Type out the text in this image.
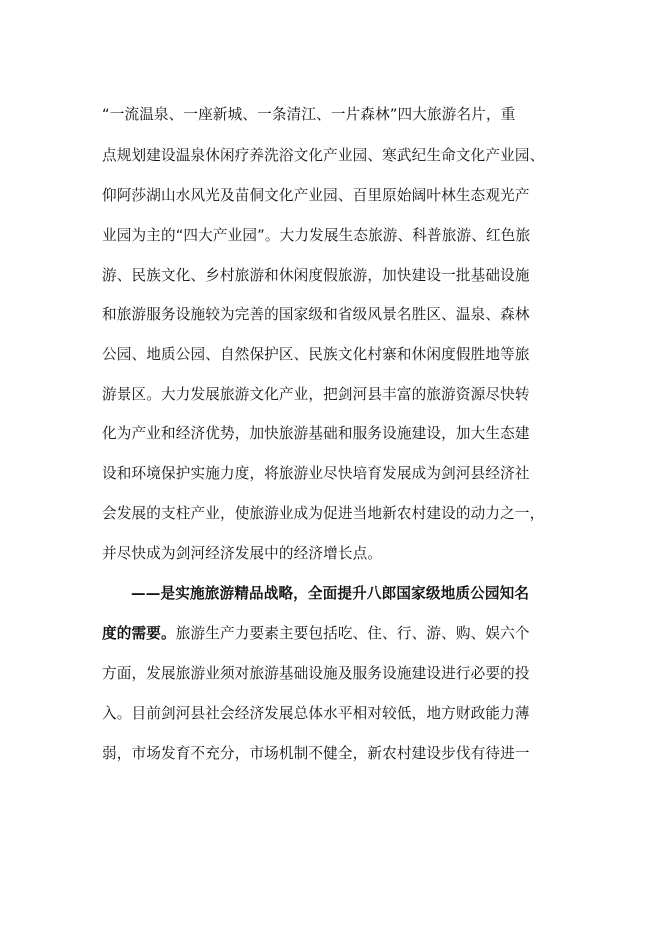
“一流温泉、一座新城、一条清江、一片森林”四大旅游名片，重
点规划建设温泉休闲疗养洗浴文化产业园、寒武纪生命文化产业园、
仰阿莎湖山水风光及苗侗文化产业园、百里原始阔叶林生态观光产
业园为主的“四大产业园”。大力发展生态旅游、科普旅游、红色旅
游、民族文化、乡村旅游和休闲度假旅游，加快建设一批基础设施
和旅游服务设施较为完善的国家级和省级风景名胜区、温泉、森林
公园、地质公园、自然保护区、民族文化村寨和休闲度假胜地等旅
游景区。大力发展旅游文化产业，把剑河县丰富的旅游资源尽快转
化为产业和经济优势，加快旅游基础和服务设施建设，加大生态建
设和环境保护实施力度，将旅游业尽快培育发展成为剑河县经济社
会发展的支柱产业，使旅游业成为促进当地新农村建设的动力之一，
并尽快成为剑河经济发展中的经济增长点。
——是实施旅游精品战略，全面提升八郎国家级地质公园知名
度的需要。旅游生产力要素主要包括吃、住、行、游、购、娱六个
方面，发展旅游业须对旅游基础设施及服务设施建设进行必要的投
入。目前剑河县社会经济发展总体水平相对较低，地方财政能力薄
弱，市场发育不充分，市场机制不健全，新农村建设步伐有待进一
